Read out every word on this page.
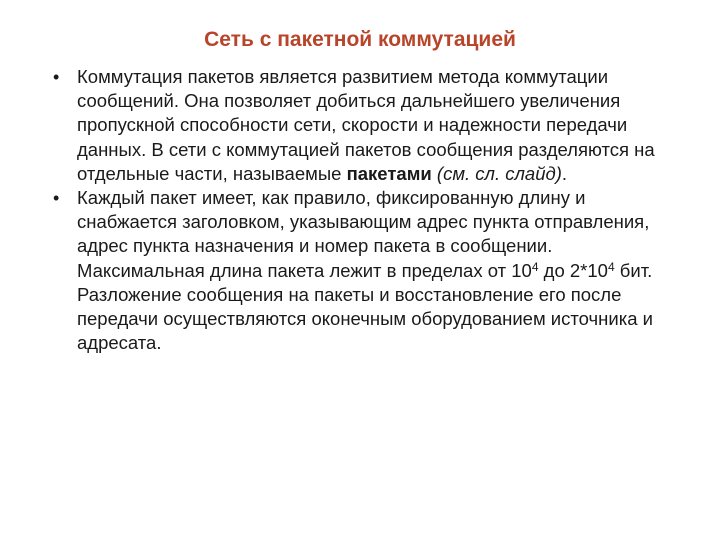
Сеть с пакетной коммутацией
• Коммутация пакетов является развитием метода коммутации сообщений. Она позволяет добиться дальнейшего увеличения пропускной способности сети, скорости и надежности передачи данных. В сети с коммутацией пакетов сообщения разделяются на отдельные части, называемые пакетами (см. сл. слайд).
• Каждый пакет имеет, как правило, фиксированную длину и снабжается заголовком, указывающим адрес пункта отправления, адрес пункта назначения и номер пакета в сообщении. Максимальная длина пакета лежит в пределах от $10^4$ до $2*10^4$ бит. Разложение сообщения на пакеты и восстановление его после передачи осуществляются оконечным оборудованием источника и адресата.
